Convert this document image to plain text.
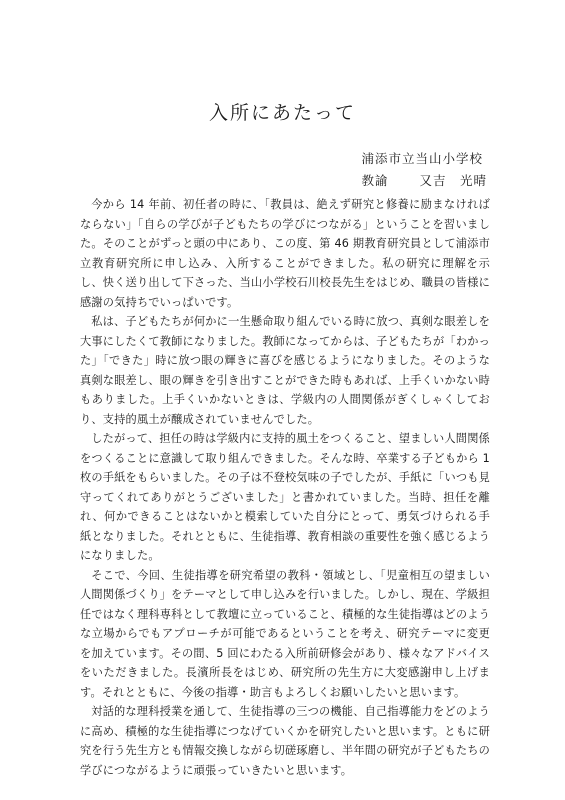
入所にあたって
浦添市立当山小学校
教諭 又吉　光晴

今から 14 年前、初任者の時に、「教員は、絶えず研究と修養に励まなければならない」「自らの学びが子どもたちの学びにつながる」ということを習いました。そのことがずっと頭の中にあり、この度、第 46 期教育研究員として浦添市立教育研究所に申し込み、入所することができました。私の研究に理解を示し、快く送り出して下さった、当山小学校石川校長先生をはじめ、職員の皆様に感謝の気持ちでいっぱいです。

私は、子どもたちが何かに一生懸命取り組んでいる時に放つ、真剣な眼差しを大事にしたくて教師になりました。教師になってからは、子どもたちが「わかった」「できた」時に放つ眼の輝きに喜びを感じるようになりました。そのような真剣な眼差し、眼の輝きを引き出すことができた時もあれば、上手くいかない時もありました。上手くいかないときは、学級内の人間関係がぎくしゃくしており、支持的風土が醸成されていませんでした。

したがって、担任の時は学級内に支持的風土をつくること、望ましい人間関係をつくることに意識して取り組んできました。そんな時、卒業する子どもから 1 枚の手紙をもらいました。その子は不登校気味の子でしたが、手紙に「いつも見守ってくれてありがとうございました」と書かれていました。当時、担任を離れ、何かできることはないかと模索していた自分にとって、勇気づけられる手紙となりました。それとともに、生徒指導、教育相談の重要性を強く感じるようになりました。

そこで、今回、生徒指導を研究希望の教科・領域とし、「児童相互の望ましい人間関係づくり」をテーマとして申し込みを行いました。しかし、現在、学級担任ではなく理科専科として教壇に立っていること、積極的な生徒指導はどのような立場からでもアプローチが可能であるということを考え、研究テーマに変更を加えています。その間、5 回にわたる入所前研修会があり、様々なアドバイスをいただきました。長濱所長をはじめ、研究所の先生方に大変感謝申し上げます。それとともに、今後の指導・助言もよろしくお願いしたいと思います。

対話的な理科授業を通して、生徒指導の三つの機能、自己指導能力をどのように高め、積極的な生徒指導につなげていくかを研究したいと思います。ともに研究を行う先生方とも情報交換しながら切磋琢磨し、半年間の研究が子どもたちの学びにつながるように頑張っていきたいと思います。
